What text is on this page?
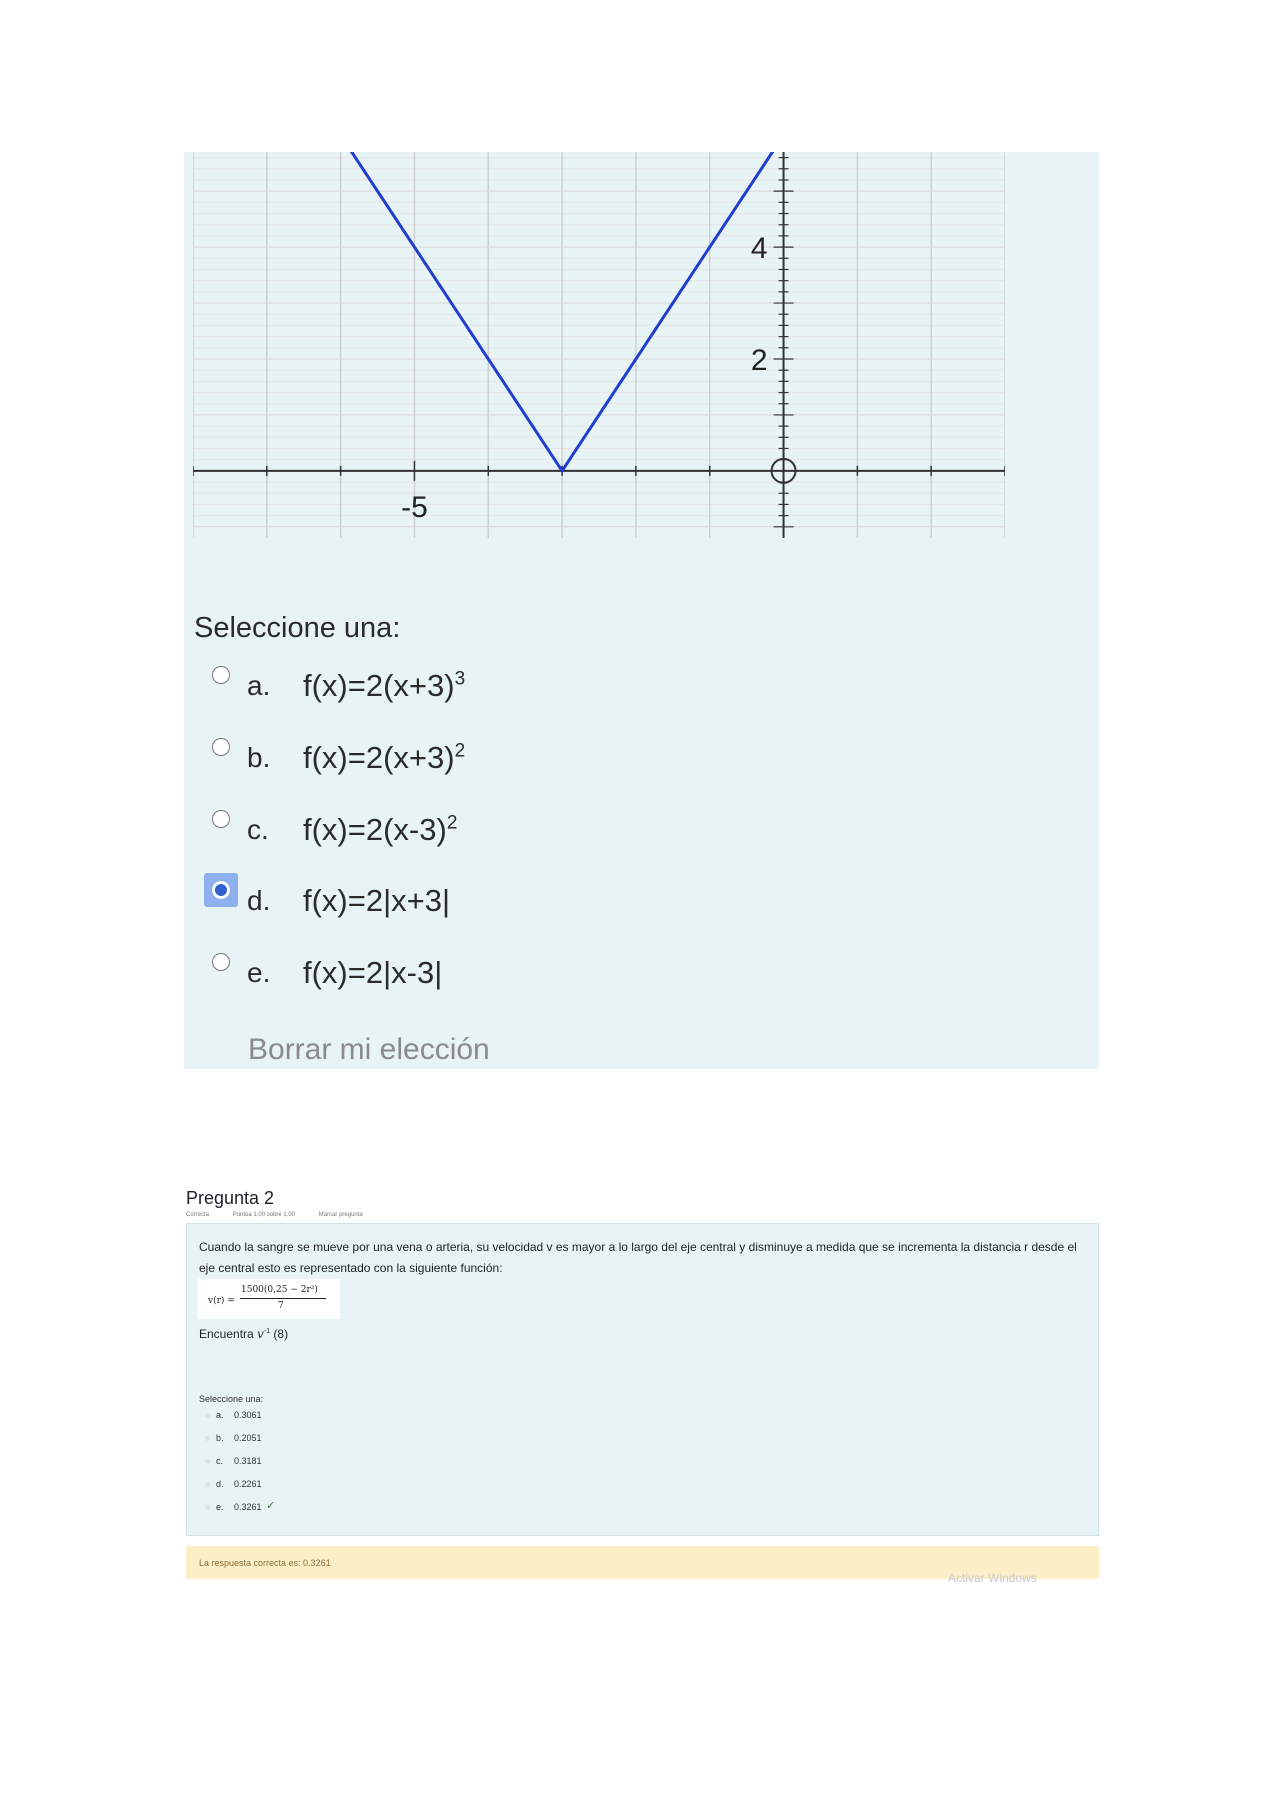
-5
4
2
Seleccione una:
a. $f(x)=2(x+3)^3$
b. $f(x)=2(x+3)^2$
c. $f(x)=2(x-3)^2$
d. f(x)=2|x+3|
e. f(x)=2|x-3|
Borrar mi elección
Pregunta 2
Correcta	Puntúa 1,00 sobre 1,00	Marcar pregunta
Cuando la sangre se mueve por una vena o arteria, su velocidad v es mayor a lo largo del eje central y disminuye a medida que se incrementa la distancia r desde el eje central esto es representado con la siguiente función:
v(r) =
1500(0,25 − 2r²)
7
Encuentra $v^{-1}$ (8)
Seleccione una:
a. 0.3061
b. 0.2051
c. 0.3181
d. 0.2261
e. 0.3261 ✓
La respuesta correcta es: 0.3261
Activar Windows
